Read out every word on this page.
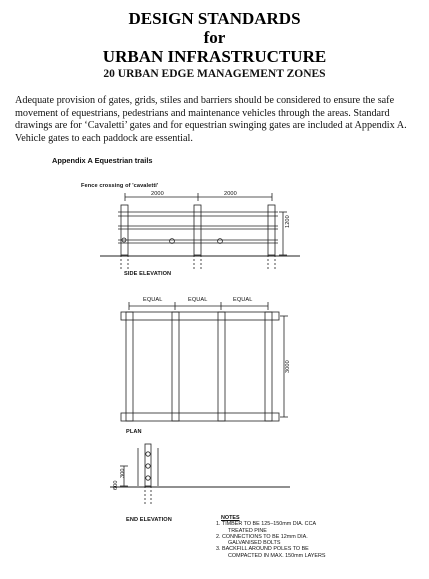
DESIGN STANDARDS
for
URBAN INFRASTRUCTURE
20 URBAN EDGE MANAGEMENT ZONES

Adequate provision of gates, grids, stiles and barriers should be considered to ensure the safe movement of equestrians, pedestrians and maintenance vehicles through the areas. Standard drawings are for ‘Cavaletti’ gates and for equestrian swinging gates are included at Appendix A. Vehicle gates to each paddock are essential.

Appendix A Equestrian trails
Fence crossing of 'cavaletti'
2000	2000
1200
SIDE ELEVATION
EQUAL	EQUAL	EQUAL
3000
PLAN
600
300
END ELEVATION	NOTES
1. TIMBER TO BE 125–150mm DIA. CCA
TREATED PINE
2. CONNECTIONS TO BE 12mm DIA.
GALVANISED BOLTS
3. BACKFILL AROUND POLES TO BE
COMPACTED IN MAX. 150mm LAYERS
